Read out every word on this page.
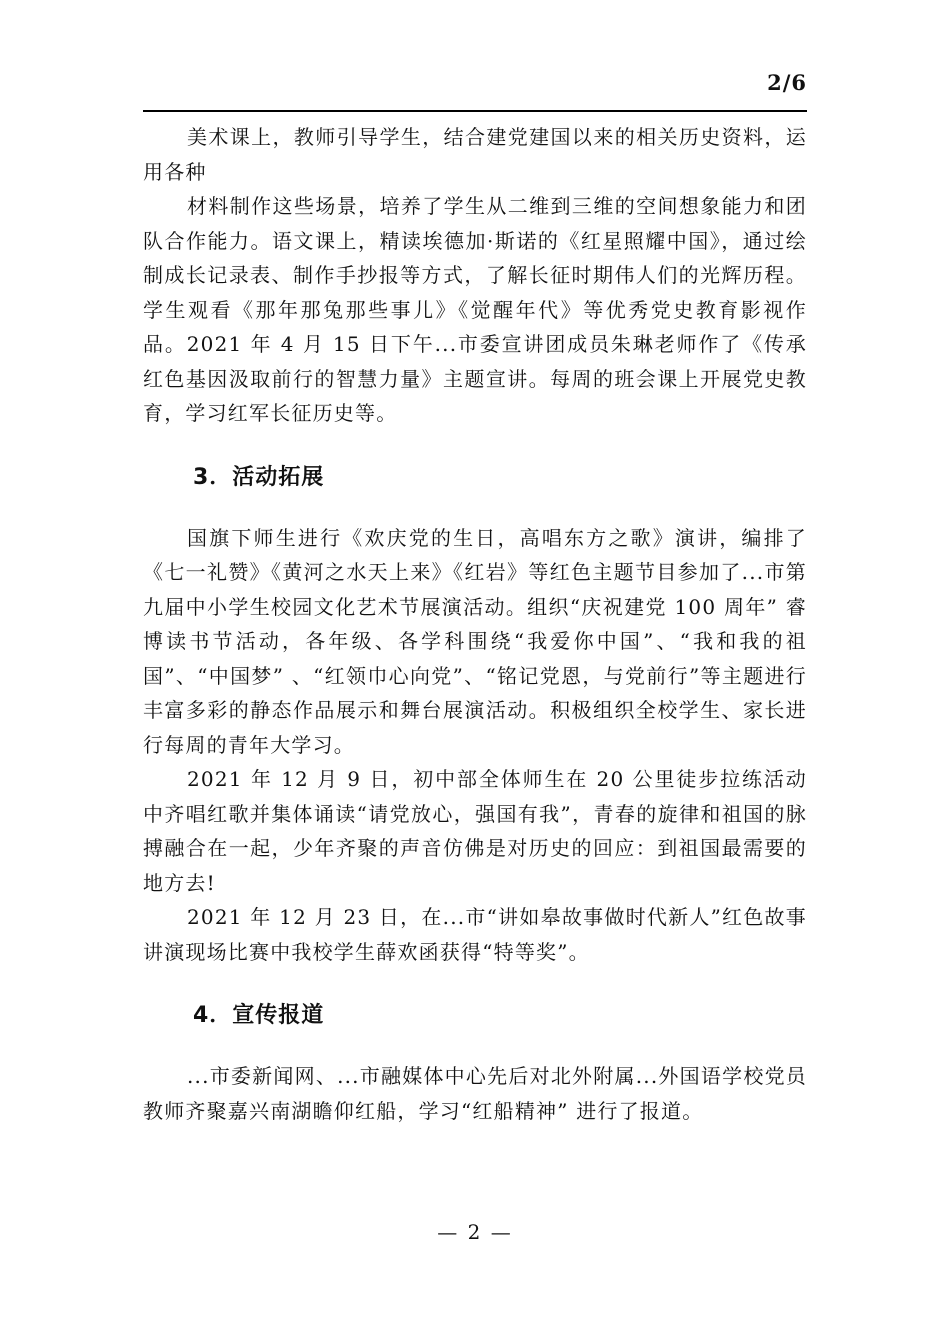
2/6

美术课上，教师引导学生，结合建党建国以来的相关历史资料，运用各种

材料制作这些场景，培养了学生从二维到三维的空间想象能力和团队合作能力。语文课上，精读埃德加·斯诺的《红星照耀中国》，通过绘制成长记录表、制作手抄报等方式，了解长征时期伟人们的光辉历程。学生观看《那年那兔那些事儿》《觉醒年代》等优秀党史教育影视作品。2021 年 4 月 15 日下午...市委宣讲团成员朱琳老师作了《传承红色基因汲取前行的智慧力量》主题宣讲。每周的班会课上开展党史教育，学习红军长征历史等。

3．活动拓展

国旗下师生进行《欢庆党的生日，高唱东方之歌》演讲，编排了《七一礼赞》《黄河之水天上来》《红岩》等红色主题节目参加了...市第九届中小学生校园文化艺术节展演活动。组织“庆祝建党 100 周年” 睿博读书节活动，各年级、各学科围绕“我爱你中国”、“我和我的祖国”、“中国梦” 、“红领巾心向党”、“铭记党恩，与党前行”等主题进行丰富多彩的静态作品展示和舞台展演活动。积极组织全校学生、家长进行每周的青年大学习。

2021 年 12 月 9 日，初中部全体师生在 20 公里徒步拉练活动中齐唱红歌并集体诵读“请党放心，强国有我”，青春的旋律和祖国的脉搏融合在一起，少年齐聚的声音仿佛是对历史的回应：到祖国最需要的地方去!

2021 年 12 月 23 日，在...市“讲如皋故事做时代新人”红色故事讲演现场比赛中我校学生薛欢函获得“特等奖”。

4．宣传报道

...市委新闻网、...市融媒体中心先后对北外附属...外国语学校党员教师齐聚嘉兴南湖瞻仰红船，学习“红船精神” 进行了报道。

— 2 —
